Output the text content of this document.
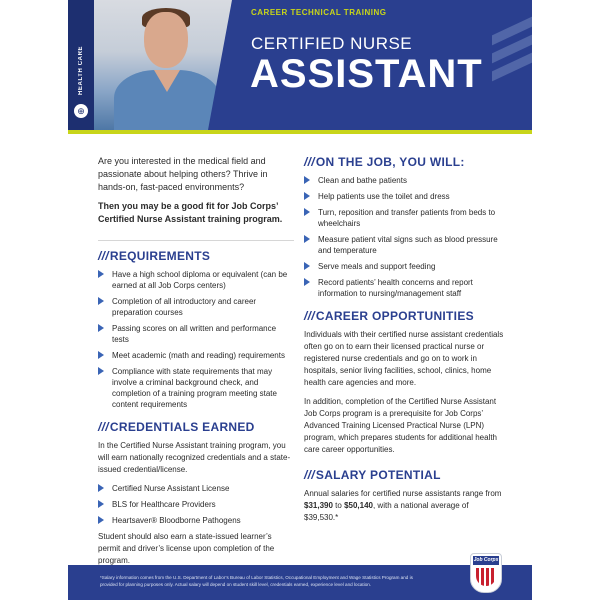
HEALTH CARE
⊕
CAREER TECHNICAL TRAINING
CERTIFIED NURSE
ASSISTANT

Are you interested in the medical field and passionate about helping others? Thrive in hands-on, fast-paced environments?

Then you may be a good fit for Job Corps’ Certified Nurse Assistant training program.

///REQUIREMENTS
Have a high school diploma or equivalent (can be earned at all Job Corps centers)
Completion of all introductory and career preparation courses
Passing scores on all written and performance tests
Meet academic (math and reading) requirements
Compliance with state requirements that may involve a criminal background check, and completion of a training program meeting state content requirements
///CREDENTIALS EARNED

In the Certified Nurse Assistant training program, you will earn nationally recognized credentials and a state-issued credential/license.

Certified Nurse Assistant License
BLS for Healthcare Providers
Heartsaver® Bloodborne Pathogens

Student should also earn a state-issued learner’s permit and driver’s license upon completion of the program.

///ON THE JOB, YOU WILL:
Clean and bathe patients
Help patients use the toilet and dress
Turn, reposition and transfer patients from beds to wheelchairs
Measure patient vital signs such as blood pressure and temperature
Serve meals and support feeding
Record patients’ health concerns and report information to nursing/management staff
///CAREER OPPORTUNITIES

Individuals with their certified nurse assistant credentials often go on to earn their licensed practical nurse or registered nurse credentials and go on to work in hospitals, senior living facilities, school, clinics, home health care agencies and more.

In addition, completion of the Certified Nurse Assistant Job Corps program is a prerequisite for Job Corps’ Advanced Training Licensed Practical Nurse (LPN) program, which prepares students for additional health care career opportunities.

///SALARY POTENTIAL

Annual salaries for certified nurse assistants range from $31,390 to $50,140, with a national average of $39,530.*

*Salary information comes from the U.S. Department of Labor’s Bureau of Labor Statistics, Occupational Employment and Wage Statistics Program and is provided for planning purposes only. Actual salary will depend on student skill level, credentials earned, experience level and location.
Job Corps
